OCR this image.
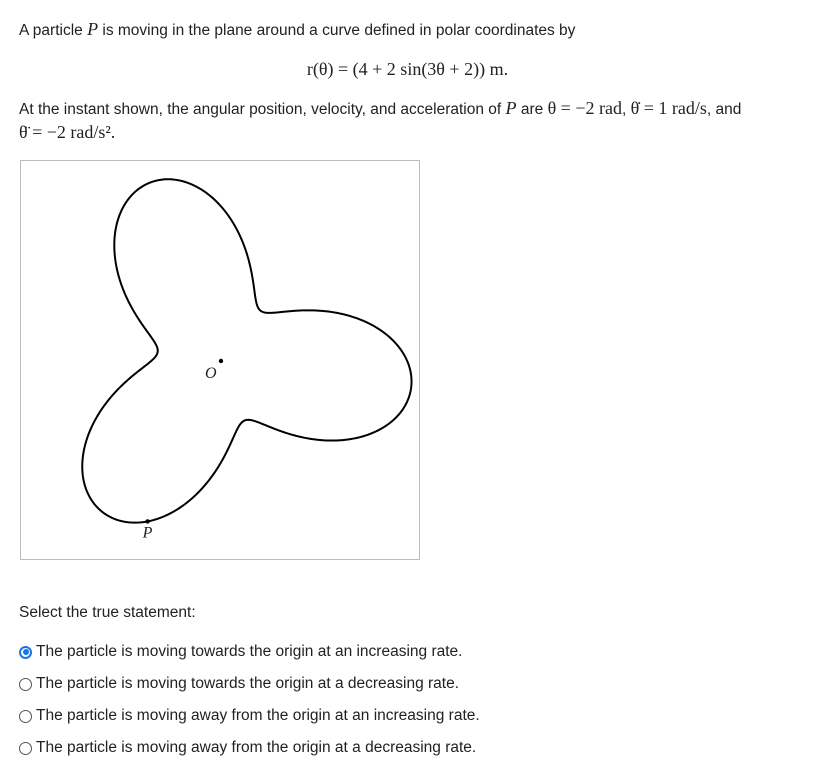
A particle P is moving in the plane around a curve defined in polar coordinates by
r(θ) = (4 + 2 sin(3θ + 2)) m.
At the instant shown, the angular position, velocity, and acceleration of P are θ = −2 rad, θ̇ = 1 rad/s, and
θ̈ = −2 rad/s².
O
P
Select the true statement:
The particle is moving towards the origin at an increasing rate.
The particle is moving towards the origin at a decreasing rate.
The particle is moving away from the origin at an increasing rate.
The particle is moving away from the origin at a decreasing rate.
